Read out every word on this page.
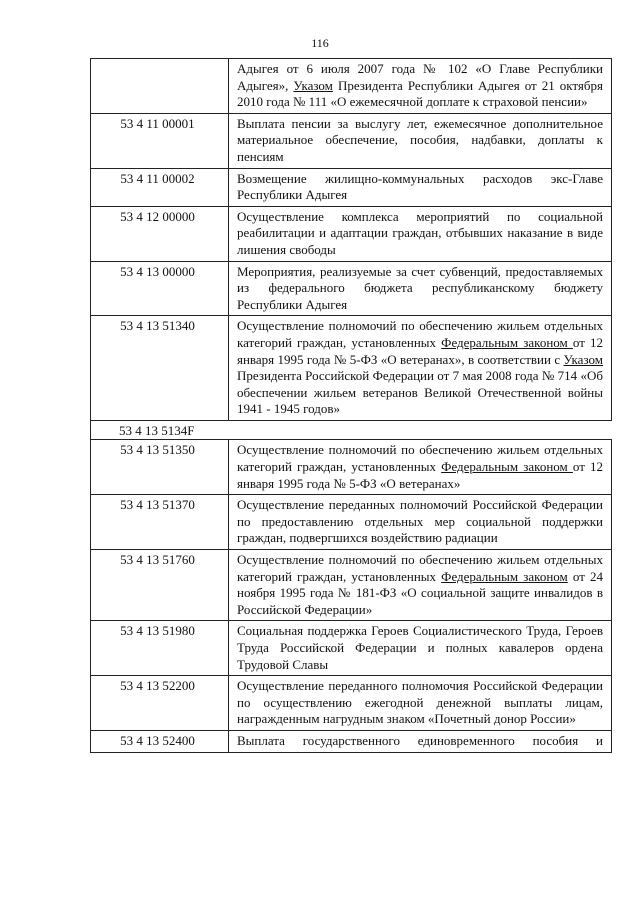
116
	Адыгея от 6 июля 2007 года № 102 «О Главе Республики Адыгея», Указом Президента Республики Адыгея от 21 октября 2010 года № 111 «О ежемесячной доплате к страховой пенсии»
53 4 11 00001	Выплата пенсии за выслугу лет, ежемесячное дополнительное материальное обеспечение, пособия, надбавки, доплаты к пенсиям
53 4 11 00002	Возмещение жилищно-коммунальных расходов экс-Главе Республики Адыгея
53 4 12 00000	Осуществление комплекса мероприятий по социальной реабилитации и адаптации граждан, отбывших наказание в виде лишения свободы
53 4 13 00000	Мероприятия, реализуемые за счет субвенций, предоставляемых из федерального бюджета республиканскому бюджету Республики Адыгея
53 4 13 51340	Осуществление полномочий по обеспечению жильем отдельных категорий граждан, установленных Федеральным законом от 12 января 1995 года № 5-ФЗ «О ветеранах», в соответствии с Указом Президента Российской Федерации от 7 мая 2008 года № 714 «Об обеспечении жильем ветеранов Великой Отечественной войны 1941 - 1945 годов»
53 4 13 5134F	
53 4 13 51350	Осуществление полномочий по обеспечению жильем отдельных категорий граждан, установленных Федеральным законом от 12 января 1995 года № 5-ФЗ «О ветеранах»
53 4 13 51370	Осуществление переданных полномочий Российской Федерации по предоставлению отдельных мер социальной поддержки граждан, подвергшихся воздействию радиации
53 4 13 51760	Осуществление полномочий по обеспечению жильем отдельных категорий граждан, установленных Федеральным законом от 24 ноября 1995 года № 181-ФЗ «О социальной защите инвалидов в Российской Федерации»
53 4 13 51980	Социальная поддержка Героев Социалистического Труда, Героев Труда Российской Федерации и полных кавалеров ордена Трудовой Славы
53 4 13 52200	Осуществление переданного полномочия Российской Федерации по осуществлению ежегодной денежной выплаты лицам, награжденным нагрудным знаком «Почетный донор России»
53 4 13 52400	Выплата государственного единовременного пособия и
